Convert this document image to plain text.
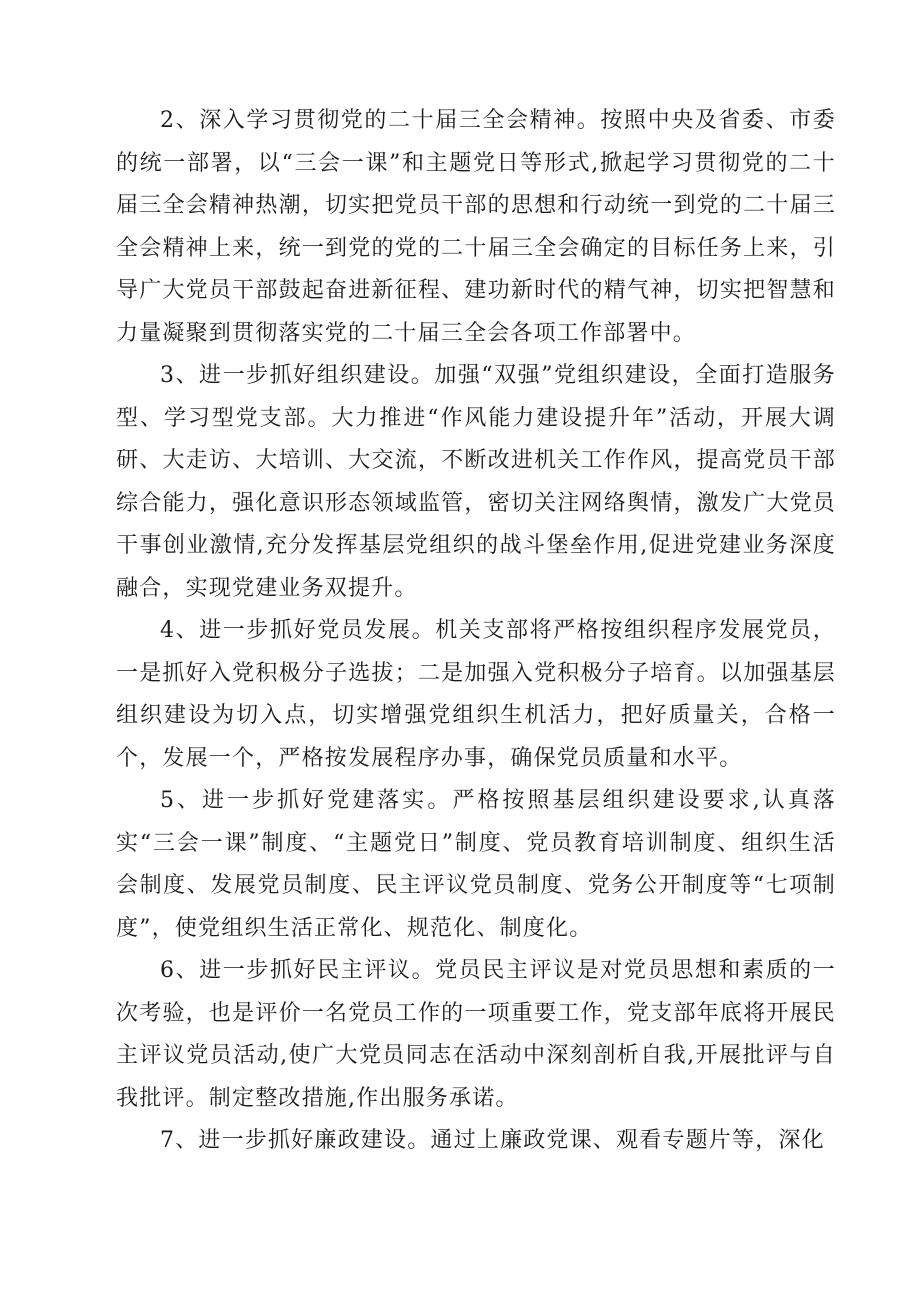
2、深入学习贯彻党的二十届三全会精神。按照中央及省委、市委的统一部署，以“三会一课”和主题党日等形式,掀起学习贯彻党的二十届三全会精神热潮，切实把党员干部的思想和行动统一到党的二十届三全会精神上来，统一到党的党的二十届三全会确定的目标任务上来，引导广大党员干部鼓起奋进新征程、建功新时代的精气神，切实把智慧和力量凝聚到贯彻落实党的二十届三全会各项工作部署中。

3、进一步抓好组织建设。加强“双强”党组织建设，全面打造服务型、学习型党支部。大力推进“作风能力建设提升年”活动，开展大调研、大走访、大培训、大交流，不断改进机关工作作风，提高党员干部综合能力，强化意识形态领域监管，密切关注网络舆情，激发广大党员干事创业激情,充分发挥基层党组织的战斗堡垒作用,促进党建业务深度融合，实现党建业务双提升。

4、进一步抓好党员发展。机关支部将严格按组织程序发展党员，一是抓好入党积极分子选拔；二是加强入党积极分子培育。以加强基层组织建设为切入点，切实增强党组织生机活力，把好质量关，合格一个，发展一个，严格按发展程序办事，确保党员质量和水平。

5、进一步抓好党建落实。严格按照基层组织建设要求,认真落实“三会一课”制度、“主题党日”制度、党员教育培训制度、组织生活会制度、发展党员制度、民主评议党员制度、党务公开制度等“七项制度”，使党组织生活正常化、规范化、制度化。

6、进一步抓好民主评议。党员民主评议是对党员思想和素质的一次考验，也是评价一名党员工作的一项重要工作，党支部年底将开展民主评议党员活动,使广大党员同志在活动中深刻剖析自我,开展批评与自我批评。制定整改措施,作出服务承诺。

7、进一步抓好廉政建设。通过上廉政党课、观看专题片等，深化
